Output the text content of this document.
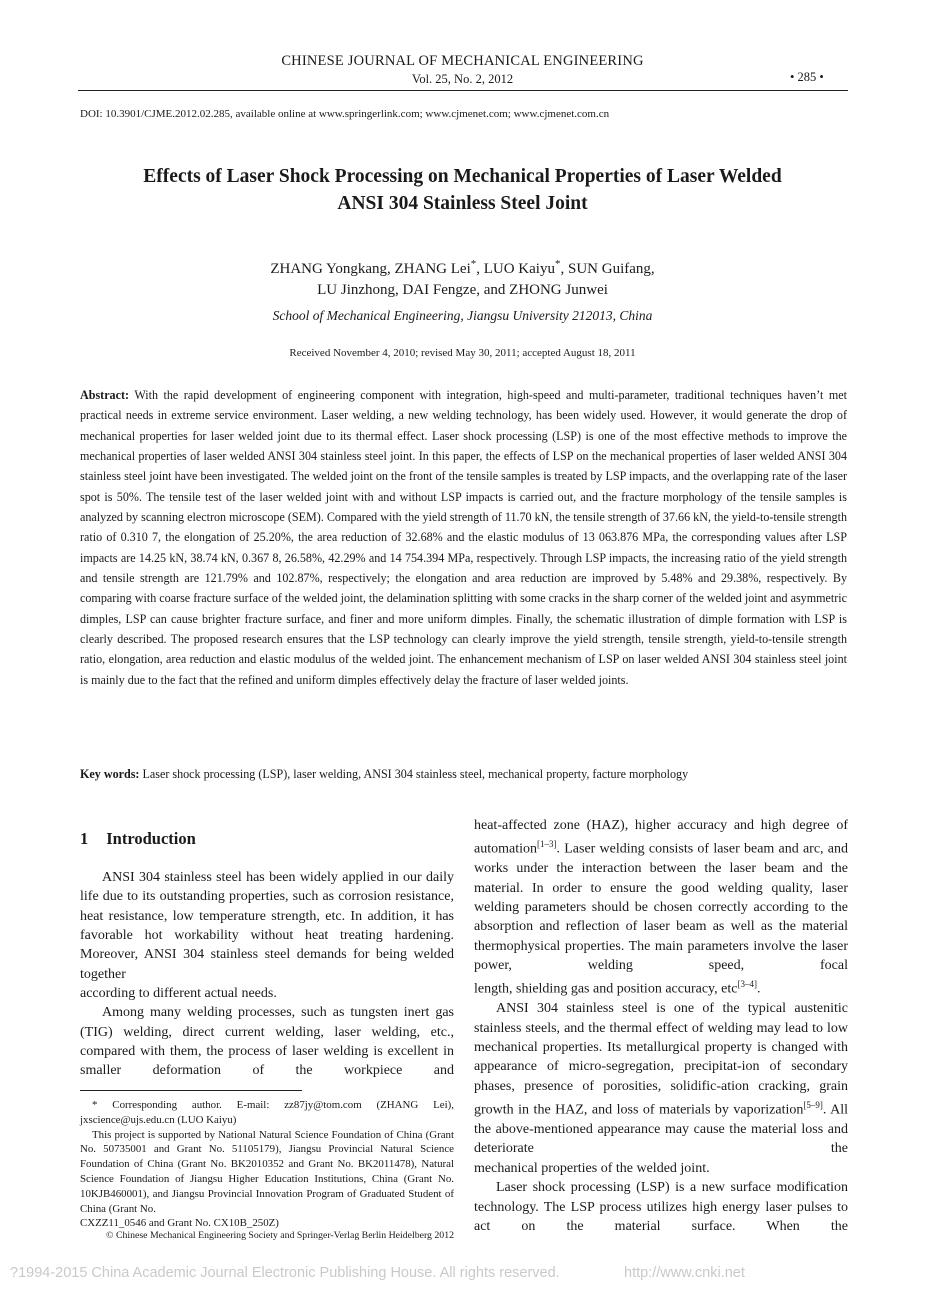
CHINESE JOURNAL OF MECHANICAL ENGINEERING
Vol. 25, No. 2, 2012	• 285 •
DOI: 10.3901/CJME.2012.02.285, available online at www.springerlink.com; www.cjmenet.com; www.cjmenet.com.cn
Effects of Laser Shock Processing on Mechanical Properties of Laser Welded
ANSI 304 Stainless Steel Joint
ZHANG Yongkang, ZHANG Lei*, LUO Kaiyu*, SUN Guifang,
LU Jinzhong, DAI Fengze, and ZHONG Junwei
School of Mechanical Engineering, Jiangsu University 212013, China
Received November 4, 2010; revised May 30, 2011; accepted August 18, 2011
Abstract: With the rapid development of engineering component with integration, high-speed and multi-parameter, traditional techniques haven’t met practical needs in extreme service environment. Laser welding, a new welding technology, has been widely used. However, it would generate the drop of mechanical properties for laser welded joint due to its thermal effect. Laser shock processing (LSP) is one of the most effective methods to improve the mechanical properties of laser welded ANSI 304 stainless steel joint. In this paper, the effects of LSP on the mechanical properties of laser welded ANSI 304 stainless steel joint have been investigated. The welded joint on the front of the tensile samples is treated by LSP impacts, and the overlapping rate of the laser spot is 50%. The tensile test of the laser welded joint with and without LSP impacts is carried out, and the fracture morphology of the tensile samples is analyzed by scanning electron microscope (SEM). Compared with the yield strength of 11.70 kN, the tensile strength of 37.66 kN, the yield-to-tensile strength ratio of 0.310 7, the elongation of 25.20%, the area reduction of 32.68% and the elastic modulus of 13 063.876 MPa, the corresponding values after LSP impacts are 14.25 kN, 38.74 kN, 0.367 8, 26.58%, 42.29% and 14 754.394 MPa, respectively. Through LSP impacts, the increasing ratio of the yield strength and tensile strength are 121.79% and 102.87%, respectively; the elongation and area reduction are improved by 5.48% and 29.38%, respectively. By comparing with coarse fracture surface of the welded joint, the delamination splitting with some cracks in the sharp corner of the welded joint and asymmetric dimples, LSP can cause brighter fracture surface, and finer and more uniform dimples. Finally, the schematic illustration of dimple formation with LSP is clearly described. The proposed research ensures that the LSP technology can clearly improve the yield strength, tensile strength, yield-to-tensile strength ratio, elongation, area reduction and elastic modulus of the welded joint. The enhancement mechanism of LSP on laser welded ANSI 304 stainless steel joint is mainly due to the fact that the refined and uniform dimples effectively delay the fracture of laser welded joints.
Key words: Laser shock processing (LSP), laser welding, ANSI 304 stainless steel, mechanical property, facture morphology
1 Introduction

ANSI 304 stainless steel has been widely applied in our daily life due to its outstanding properties, such as corrosion resistance, heat resistance, low temperature strength, etc. In addition, it has favorable hot workability without heat treating hardening. Moreover, ANSI 304 stainless steel demands for being welded together

according to different actual needs.

Among many welding processes, such as tungsten inert gas (TIG) welding, direct current welding, laser welding, etc., compared with them, the process of laser welding is excellent in smaller deformation of the workpiece and

* Corresponding author. E-mail: zz87jy@tom.com (ZHANG Lei), jxscience@ujs.edu.cn (LUO Kaiyu)

This project is supported by National Natural Science Foundation of China (Grant No. 50735001 and Grant No. 51105179), Jiangsu Provincial Natural Science Foundation of China (Grant No. BK2010352 and Grant No. BK2011478), Natural Science Foundation of Jiangsu Higher Education Institutions, China (Grant No. 10KJB460001), and Jiangsu Provincial Innovation Program of Graduated Student of China (Grant No.

CXZZ11_0546 and Grant No. CX10B_250Z)

© Chinese Mechanical Engineering Society and Springer-Verlag Berlin Heidelberg 2012

heat-affected zone (HAZ), higher accuracy and high degree of automation[1–3]. Laser welding consists of laser beam and arc, and works under the interaction between the laser beam and the material. In order to ensure the good welding quality, laser welding parameters should be chosen correctly according to the absorption and reflection of laser beam as well as the material thermophysical properties. The main parameters involve the laser power, welding speed, focal

length, shielding gas and position accuracy, etc[3–4].

ANSI 304 stainless steel is one of the typical austenitic stainless steels, and the thermal effect of welding may lead to low mechanical properties. Its metallurgical property is changed with appearance of micro-segregation, precipitat-ion of secondary phases, presence of porosities, solidific-ation cracking, grain growth in the HAZ, and loss of materials by vaporization[5–9]. All the above-mentioned appearance may cause the material loss and deteriorate the

mechanical properties of the welded joint.

Laser shock processing (LSP) is a new surface modification technology. The LSP process utilizes high energy laser pulses to act on the material surface. When the

?1994-2015 China Academic Journal Electronic Publishing House. All rights reserved.	http://www.cnki.net
